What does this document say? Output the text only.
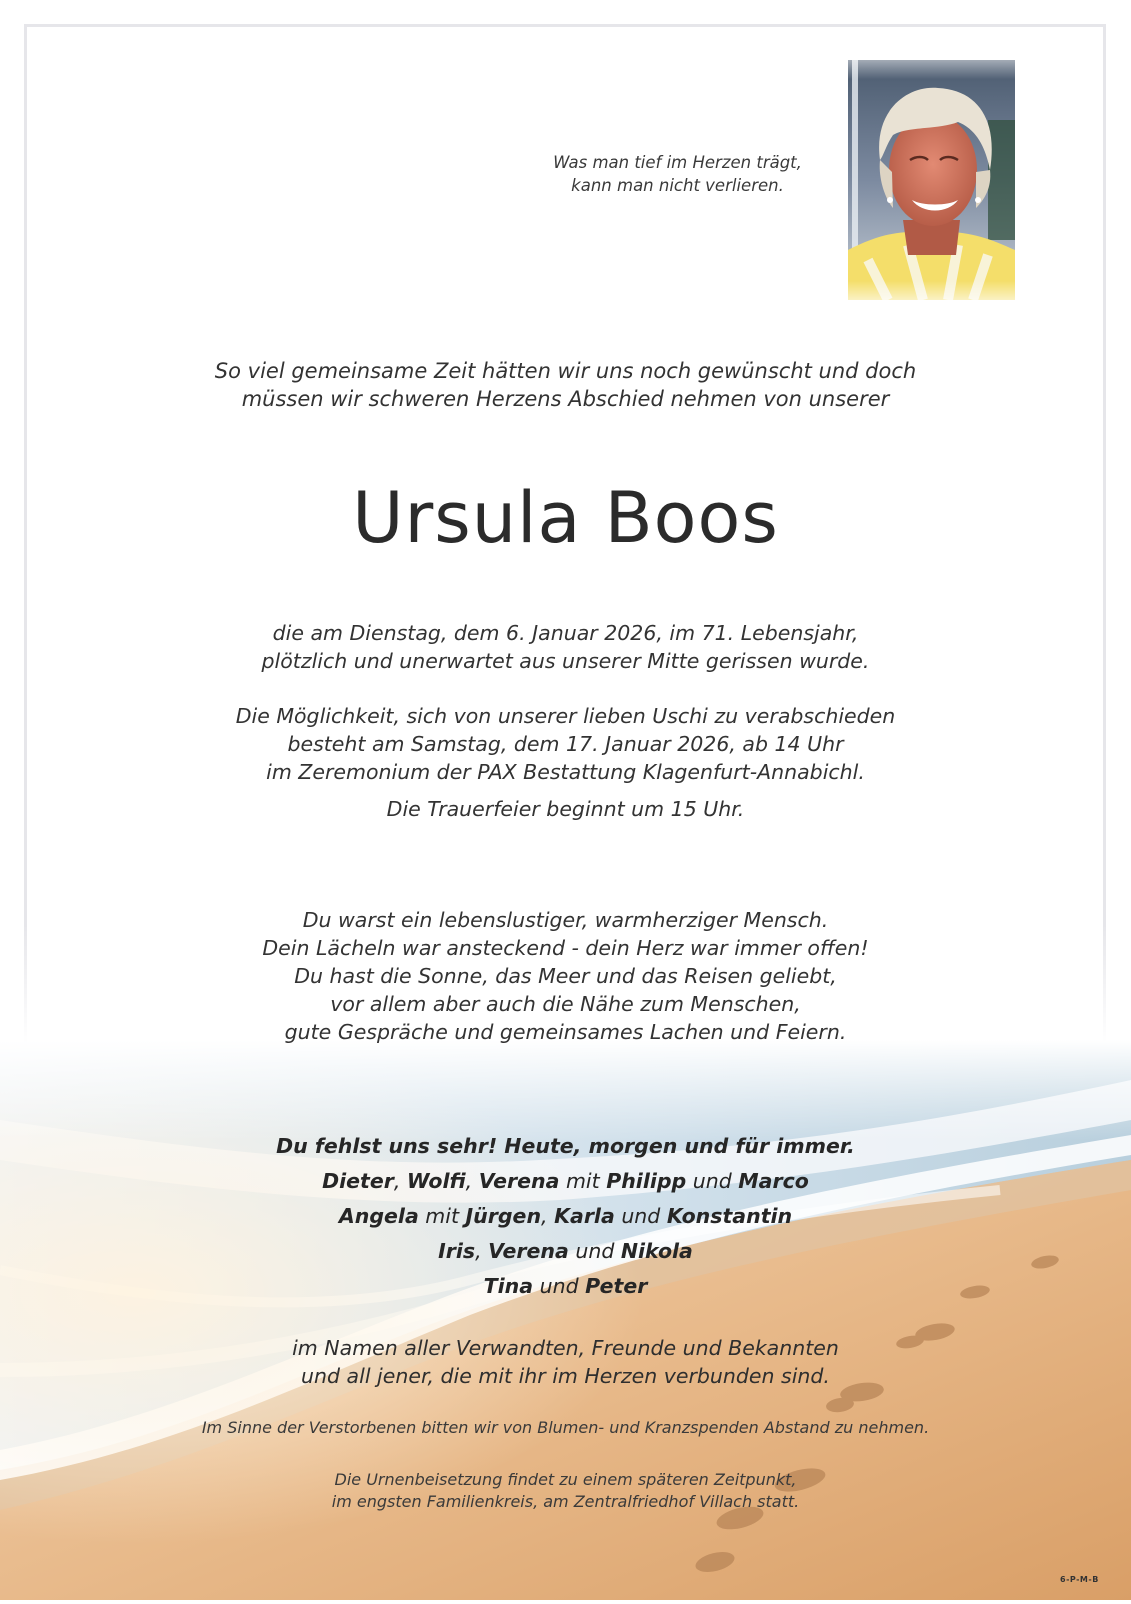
Was man tief im Herzen trägt,
kann man nicht verlieren.
So viel gemeinsame Zeit hätten wir uns noch gewünscht und doch
müssen wir schweren Herzens Abschied nehmen von unserer
Ursula Boos
die am Dienstag, dem 6. Januar 2026, im 71. Lebensjahr,
plötzlich und unerwartet aus unserer Mitte gerissen wurde.
Die Möglichkeit, sich von unserer lieben Uschi zu verabschieden
besteht am Samstag, dem 17. Januar 2026, ab 14 Uhr
im Zeremonium der PAX Bestattung Klagenfurt-Annabichl.
Die Trauerfeier beginnt um 15 Uhr.
Du warst ein lebenslustiger, warmherziger Mensch.
Dein Lächeln war ansteckend - dein Herz war immer offen!
Du hast die Sonne, das Meer und das Reisen geliebt,
vor allem aber auch die Nähe zum Menschen,
gute Gespräche und gemeinsames Lachen und Feiern.
Du fehlst uns sehr! Heute, morgen und für immer.
Dieter, Wolfi, Verena mit Philipp und Marco
Angela mit Jürgen, Karla und Konstantin
Iris, Verena und Nikola
Tina und Peter
im Namen aller Verwandten, Freunde und Bekannten
und all jener, die mit ihr im Herzen verbunden sind.
Im Sinne der Verstorbenen bitten wir von Blumen- und Kranzspenden Abstand zu nehmen.
Die Urnenbeisetzung findet zu einem späteren Zeitpunkt,
im engsten Familienkreis, am Zentralfriedhof Villach statt.
6-P-M-B
